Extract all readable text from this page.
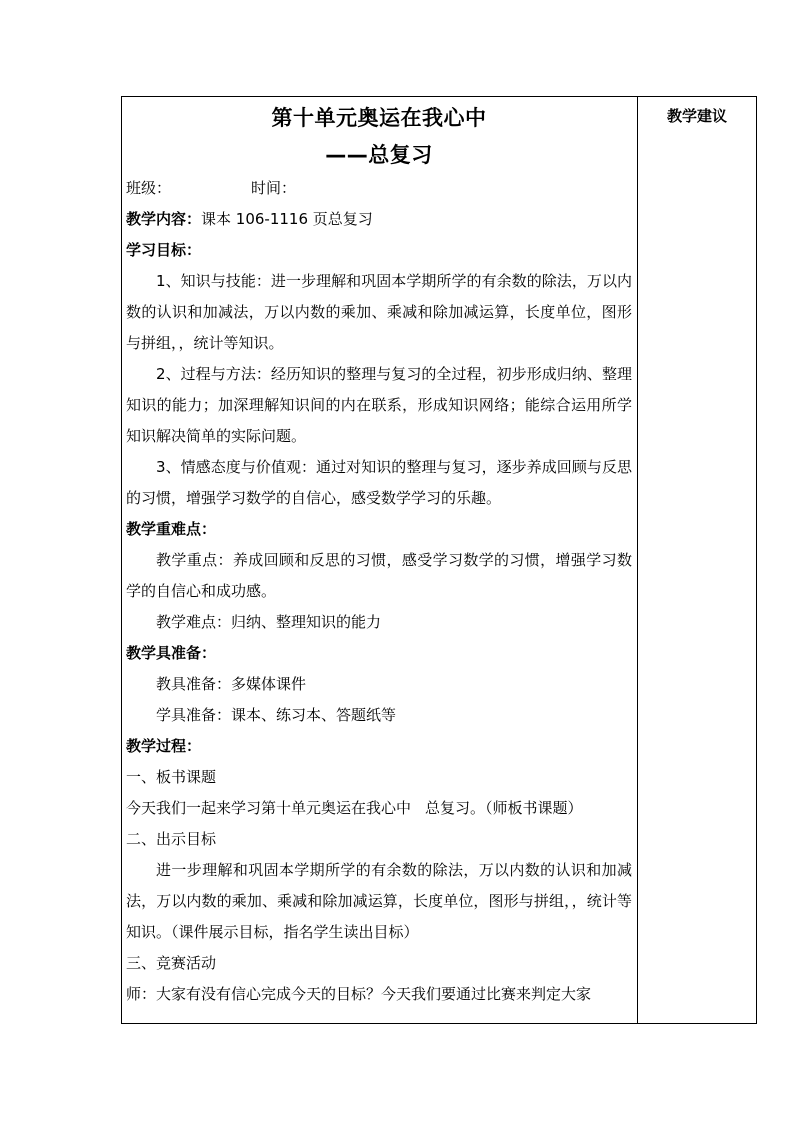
第十单元奥运在我心中
——总复习
班级：	时间：
教学内容：课本 106-1116 页总复习
学习目标：

1、知识与技能：进一步理解和巩固本学期所学的有余数的除法，万以内数的认识和加减法，万以内数的乘加、乘减和除加减运算，长度单位，图形与拼组，，统计等知识。

2、过程与方法：经历知识的整理与复习的全过程，初步形成归纳、整理知识的能力；加深理解知识间的内在联系，形成知识网络；能综合运用所学知识解决简单的实际问题。

3、情感态度与价值观：通过对知识的整理与复习，逐步养成回顾与反思的习惯，增强学习数学的自信心，感受数学学习的乐趣。

教学重难点：

教学重点：养成回顾和反思的习惯，感受学习数学的习惯，增强学习数学的自信心和成功感。

教学难点：归纳、整理知识的能力
教学具准备：
教具准备：多媒体课件
学具准备：课本、练习本、答题纸等
教学过程：
一、板书课题
今天我们一起来学习第十单元奥运在我心中 总复习。（师板书课题）
二、出示目标

进一步理解和巩固本学期所学的有余数的除法，万以内数的认识和加减法，万以内数的乘加、乘减和除加减运算，长度单位，图形与拼组，，统计等知识。（课件展示目标，指名学生读出目标）

三、竞赛活动
师：大家有没有信心完成今天的目标？今天我们要通过比赛来判定大家
教学建议
